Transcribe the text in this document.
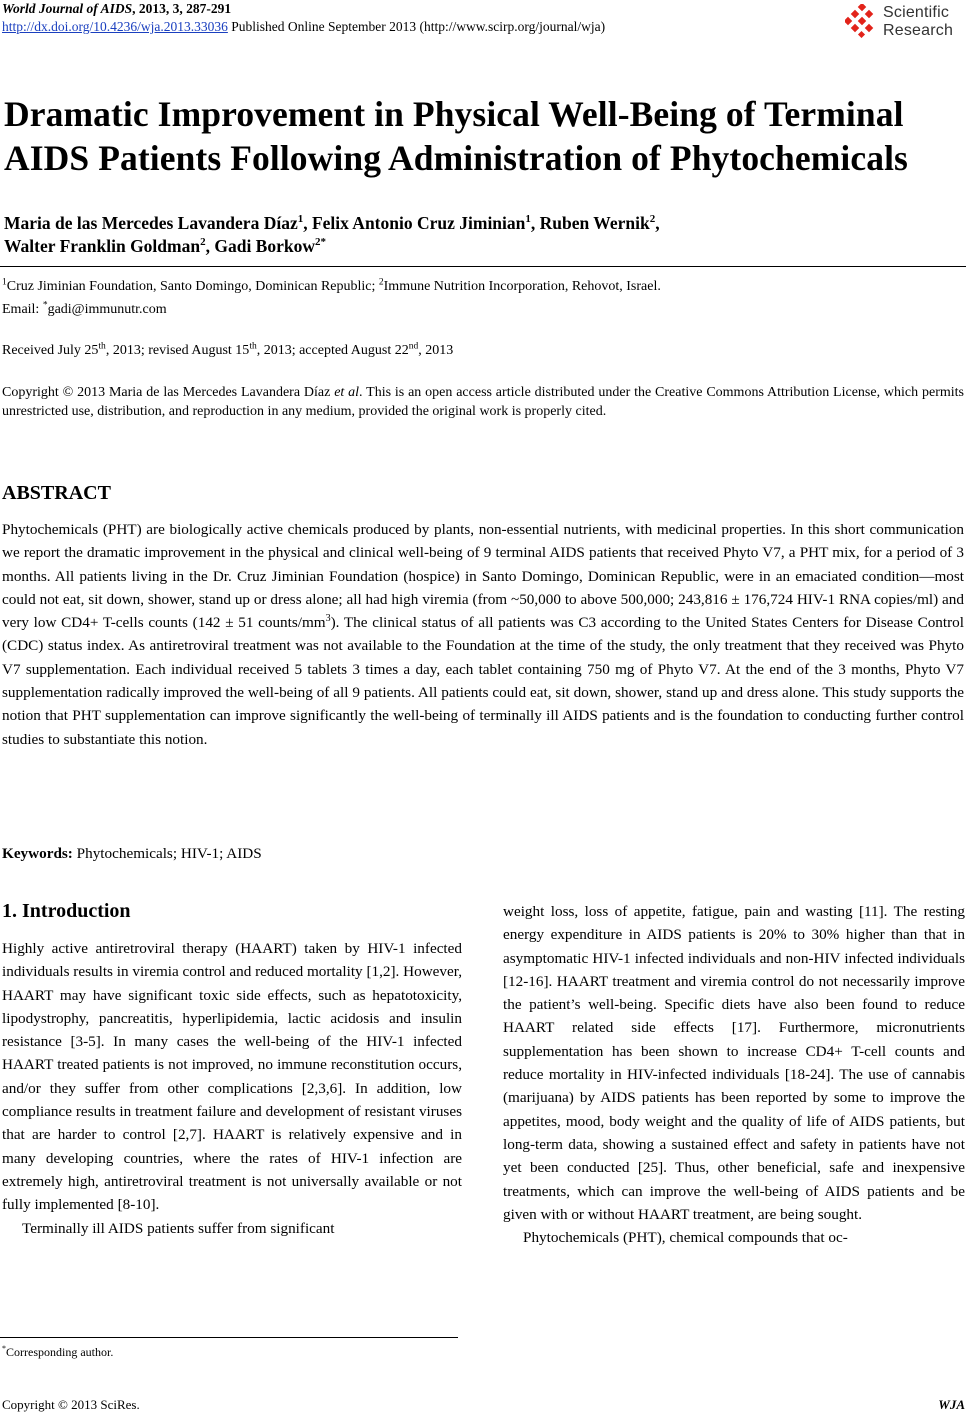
World Journal of AIDS, 2013, 3, 287-291
http://dx.doi.org/10.4236/wja.2013.33036 Published Online September 2013 (http://www.scirp.org/journal/wja)
Scientific
Research
Dramatic Improvement in Physical Well-Being of Terminal AIDS Patients Following Administration of Phytochemicals
Maria de las Mercedes Lavandera Díaz$^1$, Felix Antonio Cruz Jiminian$^1$, Ruben Wernik$^2$,
Walter Franklin Goldman$^2$, Gadi Borkow$^{2*}$
$^1$Cruz Jiminian Foundation, Santo Domingo, Dominican Republic; $^2$Immune Nutrition Incorporation, Rehovot, Israel.
Email: *gadi@immunutr.com
Received July 25th, 2013; revised August 15th, 2013; accepted August 22nd, 2013
Copyright © 2013 Maria de las Mercedes Lavandera Díaz et al. This is an open access article distributed under the Creative Commons Attribution License, which permits unrestricted use, distribution, and reproduction in any medium, provided the original work is properly cited.
ABSTRACT
Phytochemicals (PHT) are biologically active chemicals produced by plants, non-essential nutrients, with medicinal properties. In this short communication we report the dramatic improvement in the physical and clinical well-being of 9 terminal AIDS patients that received Phyto V7, a PHT mix, for a period of 3 months. All patients living in the Dr. Cruz Jiminian Foundation (hospice) in Santo Domingo, Dominican Republic, were in an emaciated condition—most could not eat, sit down, shower, stand up or dress alone; all had high viremia (from ~50,000 to above 500,000; 243,816 ± 176,724 HIV-1 RNA copies/ml) and very low CD4+ T-cells counts (142 ± 51 counts/$mm^3$). The clinical status of all patients was C3 according to the United States Centers for Disease Control (CDC) status index. As antiretroviral treatment was not available to the Foundation at the time of the study, the only treatment that they received was Phyto V7 supplementation. Each individual received 5 tablets 3 times a day, each tablet containing 750 mg of Phyto V7. At the end of the 3 months, Phyto V7 supplementation radically improved the well-being of all 9 patients. All patients could eat, sit down, shower, stand up and dress alone. This study supports the notion that PHT supplementation can improve significantly the well-being of terminally ill AIDS patients and is the foundation to conducting further control studies to substantiate this notion.
Keywords: Phytochemicals; HIV-1; AIDS
1. Introduction

Highly active antiretroviral therapy (HAART) taken by HIV-1 infected individuals results in viremia control and reduced mortality [1,2]. However, HAART may have significant toxic side effects, such as hepatotoxicity, lipodystrophy, pancreatitis, hyperlipidemia, lactic acidosis and insulin resistance [3-5]. In many cases the well-being of the HIV-1 infected HAART treated patients is not improved, no immune reconstitution occurs, and/or they suffer from other complications [2,3,6]. In addition, low compliance results in treatment failure and development of resistant viruses that are harder to control [2,7]. HAART is relatively expensive and in many developing countries, where the rates of HIV-1 infection are extremely high, antiretroviral treatment is not universally available or not fully implemented [8-10].

Terminally ill AIDS patients suffer from significant

weight loss, loss of appetite, fatigue, pain and wasting [11]. The resting energy expenditure in AIDS patients is 20% to 30% higher than that in asymptomatic HIV-1 infected individuals and non-HIV infected individuals [12-16]. HAART treatment and viremia control do not necessarily improve the patient’s well-being. Specific diets have also been found to reduce HAART related side effects [17]. Furthermore, micronutrients supplementation has been shown to increase CD4+ T-cell counts and reduce mortality in HIV-infected individuals [18-24]. The use of cannabis (marijuana) by AIDS patients has been reported by some to improve the appetites, mood, body weight and the quality of life of AIDS patients, but long-term data, showing a sustained effect and safety in patients have not yet been conducted [25]. Thus, other beneficial, safe and inexpensive treatments, which can improve the well-being of AIDS patients and be given with or without HAART treatment, are being sought.

Phytochemicals (PHT), chemical compounds that oc-

*Corresponding author.
Copyright © 2013 SciRes.	WJA
